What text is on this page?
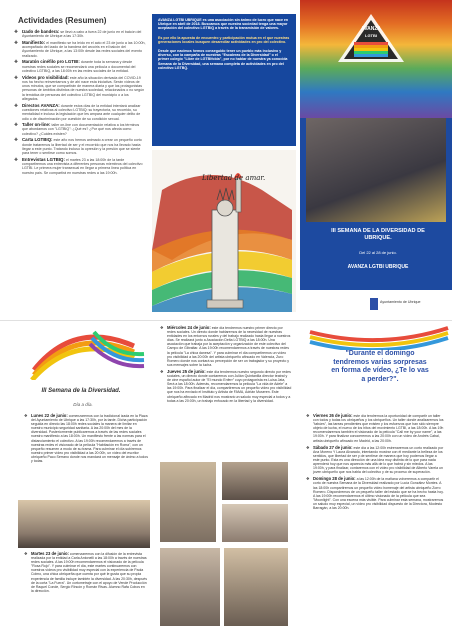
Actividades (Resumen)
❖ Izado de bandera: se llevó a cabo a fuera 22 de junio en el balcón del Ayuntamiento de Ubrique a las 17:30h.
❖ Manifiesto: el manifiesto se ha leído en el acto el 23 de junio a las 10:00h, acompañado del izado de la bandera del arcoíris en el balcón del Ayuntamiento de Ubrique, a las 13:00h desde las redes sociales del evento realizado.
❖ Maratón cinéfilo pro LGTBI: durante toda la semana y desde nuestras redes sociales se recomendará una película o documental del colectivo LGTBIQ, a las 18:00h en las redes sociales de la entidad.
❖ Vídeos pro visibilidad: este año la situación derivada del COVID-19 nos ha hecho reinventarnos y de ahí nace esta iniciativa. Serán vídeos de unos minutos, que se compartirán de manera diaria y que los protagonistas personas de ámbitos distintos de nuestra sociedad, relacionados o no según la temática de personas del colectivo LGTBIQ del municipio o a los allegados.
❖ Directos AVANZA: durante estos días de la entidad intentará analizar cuestiones relativas al colectivo LGTBIQ: su trayectoria, su recorrido, su mentalidad e incluso la legislación que les ampara ante cualquier delito de odio o de discriminación por cuestión de su condición sexual.
❖ Taller on-line: taller on-line con documentación relativa a los términos que abordamos con "LGTBIQ": ¿Qué es? ¿Por qué nos afecta como colectivo? ¿Cuáles existen?
❖ Carta LGTBIQ: este año nos hemos animado a crear un pequeño corto donde trataremos la libertad de ser y el recorrido que nos ha llevado hasta llegar a este punto. Tratando incluso la opresión y la presión que se siente para tener o sentirse como somos.
❖ Entrevistas LGTBIQ: el martes 23 a las 18:00h de la tarde compartiremos una entrevista a diferentes personas miembros del colectivo LGTBI. Le primera mujer transexual en llegar a primera línea política en nuestro país. Se compartirá en nuestras redes a las 19:00h.

AVANZA LGTBI UBRIQUE es una asociación sin ánimo de lucro que nace en Ubrique en abril de 2018. Buscamos que nuestra sociedad tenga una mayor aceptación del colectivo LGTBIQ a través de la transmisión de valores.

Es por ello la apuesta de encuentro y participación mutua en el que nuestras generaciones locales busquen desarrollar actividades en pro del colectivo.

Desde que nacimos hemos conseguido tener un pueblo más inclusivo y diverso, con la campaña de nuestras "Escaleras de la Diversidad" o el primer colegio "Libre de LGTBIfobia", por no hablar de nuestra ya conocida Semana de la Diversidad, una semana completa de actividades en pro del colectivo LGTBQ.

Libertad de amar.
AVANZA
LGTBI
III SEMANA DE LA DIVERSIDAD DE UBRIQUE.
Del 22 al 28 de junio.
AVANZA LGTBI UBRIQUE
Ayuntamiento de Ubrique
III Semana de la Diversidad.
Día a día.
❖ Lunes 22 de junio: comenzaremos con la tradicional izada en la Plaza del Ayuntamiento de Ubrique a las 17:30h, por la tarde. Dicha participación seguida en directo las 18:00h redes sociales la manera de limitar en nuestro municipio seguridad sanitaria. A las 20:00h del mes de la diversidad. Posteriormente publicaremos a través de las redes sociales nuestro manifiesto a las 18:00h. Un manifiesto frente a las normas para el distanciamiento el colectivo. A las 19:00h recomendaremos a través de nuestras redes el visionado de la película "Habitación en Roma", con un pequeño resumen a modo de su trama. Para culminar el día subiremos nuestro primer vídeo pro visibilidad a las 20:00h, un vídeo del escritor ubriqueño Paco Serrano donde nos mandará un mensaje de ánimo a todos y todas.
❖ Martes 23 de junio: comenzaremos con la difusión de la entrevista realizada por la entidad a Carla Antonelli a las 18:00h a través de nuestras redes sociales. A las 19:00h recomendaremos el visionado de la película "Rosa Rojo". Y para culminar el día, este martes continuaremos con nuestros vídeos pro visibilidad muy especial con la experiencia de Paola Colmo, una chica ubriqueña que cuenta por qué le gusta que su propia experiencia de familia incluye también la diversidad. A las 20:30h, después de la corta "La Fuera". Un cortometraje con el apoyo de Vende Producción de Raquel Conde, Sergio Rincón y Román Rivas. Alumno Rafa Cobos en la dirección.
❖ Miércoles 24 de junio: este día tendremos nuestro primer directo por redes sociales. Un directo donde hablaremos de la necesidad de nuestras entidades en los entornos rurales y del trabajo realizado hasta llegar a nuestros días. Se realizará junto a Asociación Delta LGTBIQ a las 18:00h. Una asociación que trabaja por la aceptación y organización de este colectivo del Campo de Gibraltar. A las 19:00h recomendaremos a través de nuestras redes la película "La chica danesa". Y para culminar el día compartiremos un vídeo pro visibilidad a las 20:00h del artista ubriqueño afincado en Valencia, Zuro Romero donde nos contará su percepción de ser un trabajador y su proyecto y sus mensajes sobre la lucha.
❖ Jueves 25 de junio: este día tendremos nuestro segundo directo por redes sociales, un directo donde contaremos con Julián Quintanilla director teatral y de cine español autor de "El mundo Enferr" cuyo protagonista es Luisa Jata, Será a las 18:00h. Además, recomendaremos la película "La vida de Adele" a las 19:00h. Para finalizar el día, compartiremos un pequeño vídeo pro visibilidad que nos ha enviado el Instituto y Artista de FAMA, Adrián Museren. Este ubriqueño afincado en Madrid nos mostrará un saludo muy especial a todos y a todas a las 20:00h, un trabajo enfocado en la libertad y la diversidad.
"Durante el domingo tendremos varias sorpresas en forma de vídeo, ¿Te lo vas a perder?".
❖ Viernes 26 de junio: este día tendremos la oportunidad de compartir un taller con todos y todas los ubriqueños y los ubriqueños. Un taller donde analizaremos los "tabúes", las tareas pendientes que existen y los esfuerzos que han sido siempre objeto de lucha, el nuevo de los hitos del movimiento LGTBI, a las 18:00h. A las 19h recomendaremos también el visionado de la película "Call me by your name", a las 19:00h. Y para finalizar conoceremos a las 20:00h con un vídeo de Andrés Cabal, artista ubriqueño afincado en Madrid, a las 20:00h.
❖ Sábado 27 de junio: este día a las 12:00h estrenaremos un corto realizado por Ana Moreno Y Laura Alvarado, intentando mostrar con él mediante la belleza de los sentidos, que libertad de ser y de sentirse de manera que hoy podemos llegar a este punto. Esta es una dirección de una idea muy distinta de lo que para nada aprenderá hoy que nos aparecía más allá de lo que habrá y sin miedos. A las 19:00h, y para finalizar, contaremos con el vídeo pro visibilidad de Alberto Varela un joven ubriqueño que nos habla del colectivo y de su proceso de superación.
❖ Domingo 28 de junio: a las 12:00h de la mañana volveremos a compartir el corto de nuestra Semana de la Diversidad realizado por Lucía González Montes. A las 18:00h compartiremos un pequeño vídeo homenaje del artista ubriqueño Zorro Romero. Dispondremos de un pequeño taller del estado que se ha hecho hasta hoy. A las 19:00h recomendaremos el último visionado de la película que sea "Moonlight". Con una escena más visible. Para culminar esta semana, mostraremos un saludo muy especial, un vídeo pro visibilidad dispuesto de la Directora, Modesto Barragán, a las 20:00h.
